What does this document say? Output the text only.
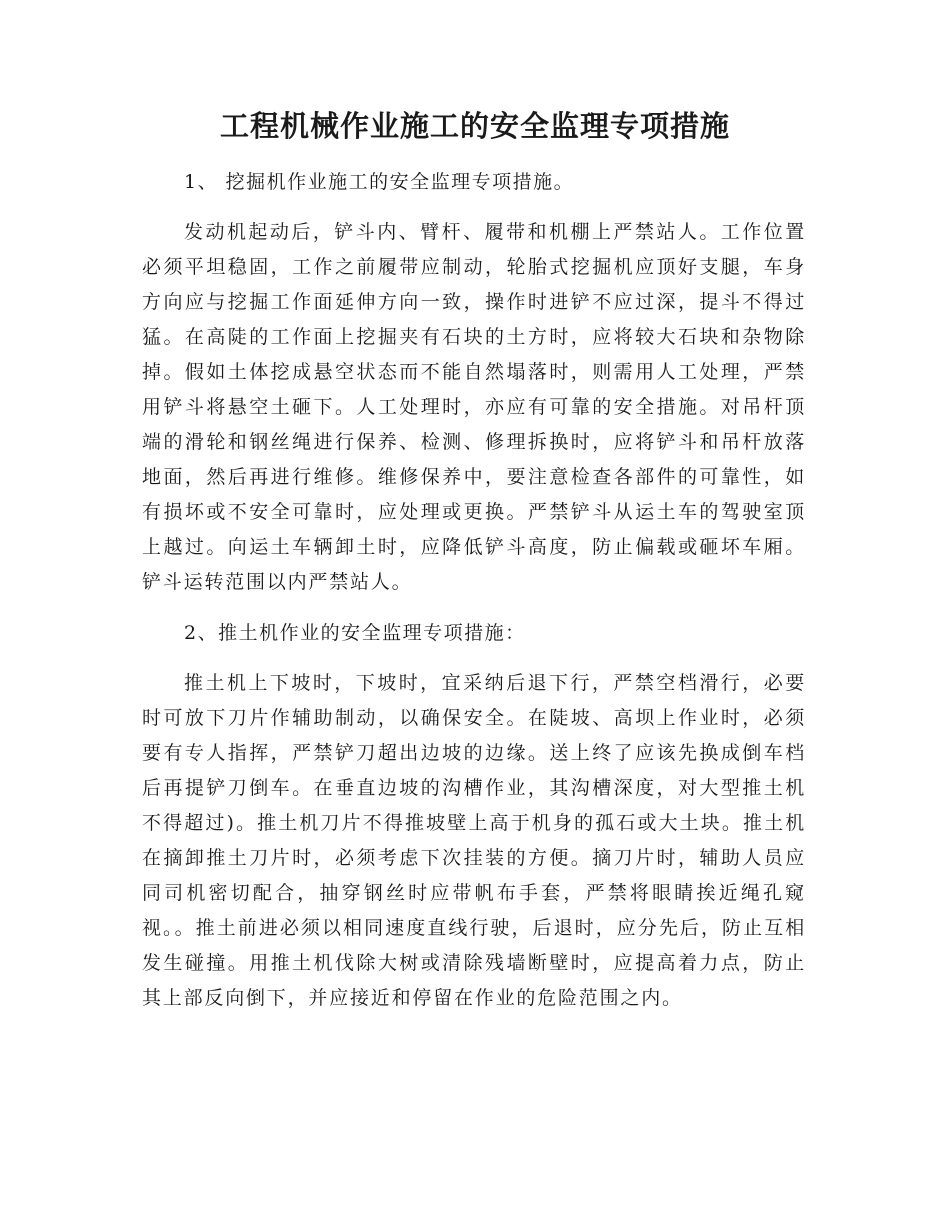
工程机械作业施工的安全监理专项措施

1、 挖掘机作业施工的安全监理专项措施。

发动机起动后，铲斗内、臂杆、履带和机棚上严禁站人。工作位置必须平坦稳固，工作之前履带应制动，轮胎式挖掘机应顶好支腿，车身方向应与挖掘工作面延伸方向一致，操作时进铲不应过深，提斗不得过猛。在高陡的工作面上挖掘夹有石块的土方时，应将较大石块和杂物除掉。假如土体挖成悬空状态而不能自然塌落时，则需用人工处理，严禁用铲斗将悬空土砸下。人工处理时，亦应有可靠的安全措施。对吊杆顶端的滑轮和钢丝绳进行保养、检测、修理拆换时，应将铲斗和吊杆放落地面，然后再进行维修。维修保养中，要注意检查各部件的可靠性，如有损坏或不安全可靠时，应处理或更换。严禁铲斗从运土车的驾驶室顶上越过。向运土车辆卸土时，应降低铲斗高度，防止偏载或砸坏车厢。铲斗运转范围以内严禁站人。

2、推土机作业的安全监理专项措施：

推土机上下坡时，下坡时，宜采纳后退下行，严禁空档滑行，必要时可放下刀片作辅助制动，以确保安全。在陡坡、高坝上作业时，必须要有专人指挥，严禁铲刀超出边坡的边缘。送上终了应该先换成倒车档后再提铲刀倒车。在垂直边坡的沟槽作业，其沟槽深度，对大型推土机不得超过)。推土机刀片不得推坡壁上高于机身的孤石或大土块。推土机在摘卸推土刀片时，必须考虑下次挂装的方便。摘刀片时，辅助人员应同司机密切配合，抽穿钢丝时应带帆布手套，严禁将眼睛挨近绳孔窥视。。推土前进必须以相同速度直线行驶，后退时，应分先后，防止互相发生碰撞。用推土机伐除大树或清除残墙断壁时，应提高着力点，防止其上部反向倒下，并应接近和停留在作业的危险范围之内。
